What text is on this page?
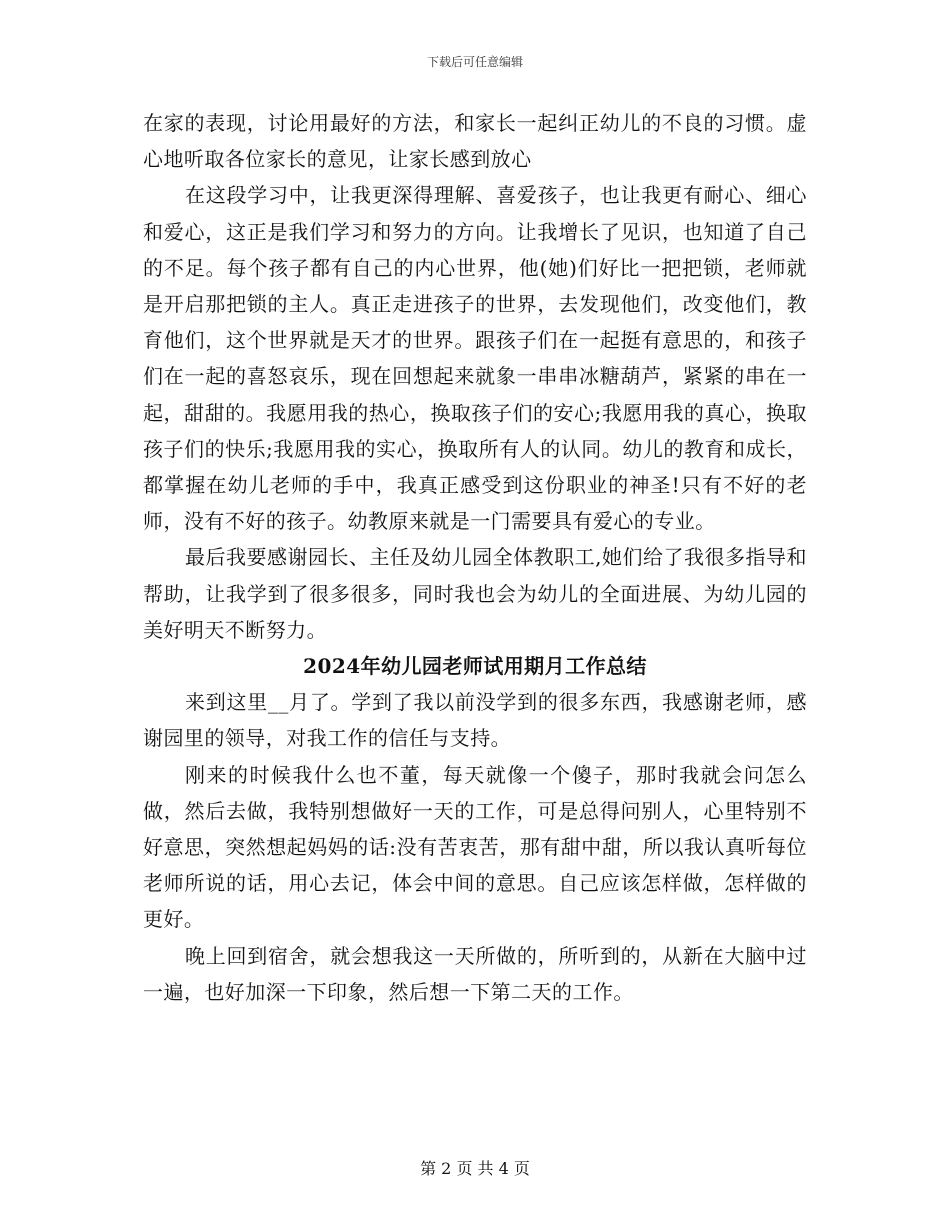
下载后可任意编辑

在家的表现，讨论用最好的方法，和家长一起纠正幼儿的不良的习惯。虚心地听取各位家长的意见，让家长感到放心

在这段学习中，让我更深得理解、喜爱孩子，也让我更有耐心、细心和爱心，这正是我们学习和努力的方向。让我增长了见识，也知道了自己的不足。每个孩子都有自己的内心世界，他(她)们好比一把把锁，老师就是开启那把锁的主人。真正走进孩子的世界，去发现他们，改变他们，教育他们，这个世界就是天才的世界。跟孩子们在一起挺有意思的，和孩子们在一起的喜怒哀乐，现在回想起来就象一串串冰糖葫芦，紧紧的串在一起，甜甜的。我愿用我的热心，换取孩子们的安心;我愿用我的真心，换取孩子们的快乐;我愿用我的实心，换取所有人的认同。幼儿的教育和成长，都掌握在幼儿老师的手中，我真正感受到这份职业的神圣!只有不好的老师，没有不好的孩子。幼教原来就是一门需要具有爱心的专业。

最后我要感谢园长、主任及幼儿园全体教职工,她们给了我很多指导和帮助，让我学到了很多很多，同时我也会为幼儿的全面进展、为幼儿园的美好明天不断努力。

2024年幼儿园老师试用期月工作总结

来到这里__月了。学到了我以前没学到的很多东西，我感谢老师，感谢园里的领导，对我工作的信任与支持。

刚来的时候我什么也不董，每天就像一个傻子，那时我就会问怎么做，然后去做，我特别想做好一天的工作，可是总得问别人，心里特别不好意思，突然想起妈妈的话:没有苦衷苦，那有甜中甜，所以我认真听每位老师所说的话，用心去记，体会中间的意思。自己应该怎样做，怎样做的更好。

晚上回到宿舍，就会想我这一天所做的，所听到的，从新在大脑中过一遍，也好加深一下印象，然后想一下第二天的工作。

第 2 页 共 4 页
